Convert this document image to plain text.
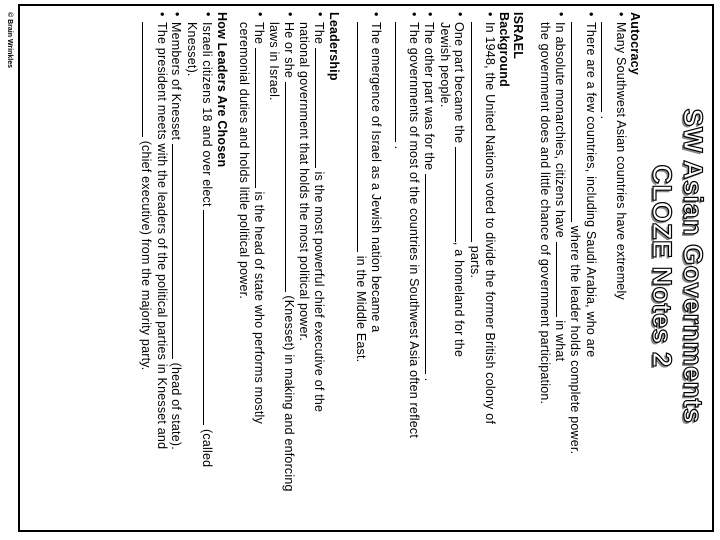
SW Asian Governments
CLOZE Notes 2

Autocracy

• Many Southwest Asian countries have extremely
.
• There are a few countries, including Saudi Arabia, who are
where the leader holds complete power.
• In absolute monarchies, citizens have  in what
the government does and little chance of government participation.

ISRAEL

Background

• In 1948, the United Nations voted to divide the former British colony of
parts.
• One part became the , a homeland for the
Jewish people.
• The other part was for the  .
• The governments of most of the countries in Southwest Asia often reflect
.
• The emergence of Israel as a Jewish nation became a
in the Middle East.

Leadership

• The  is the most powerful chief executive of the
national government that holds the most political power.
• He or she  (Knesset) in making and enforcing
laws in Israel.
• The  is the head of state who performs mostly
ceremonial duties and holds little political power.

How Leaders Are Chosen

• Israeli citizens 18 and over elect  (called
Knesset).
• Members of Knesset  (head of state).
• The president meets with the leaders of the political parties in Knesset and
(chief executive) from the majority party.
© Brain Wrinkles
